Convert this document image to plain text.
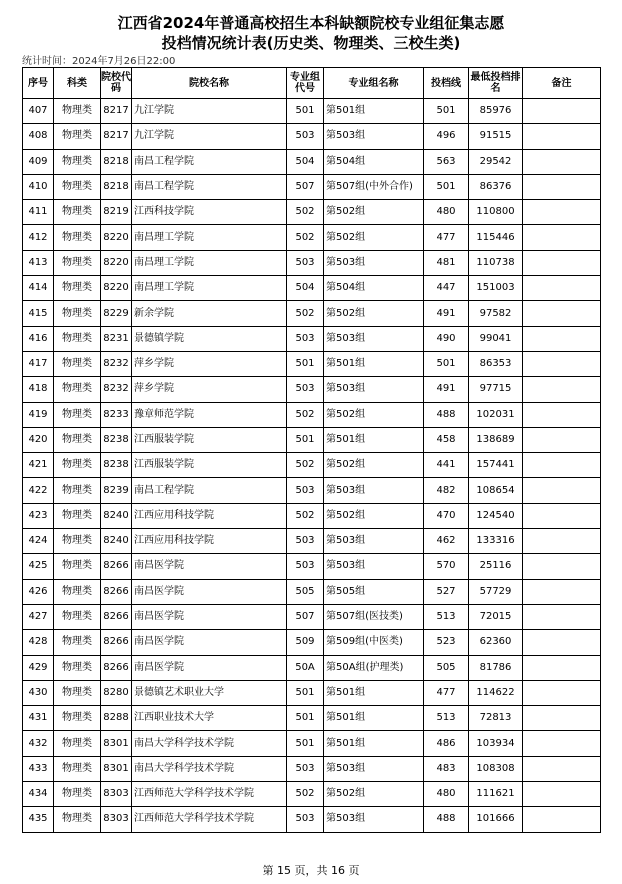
江西省2024年普通高校招生本科缺额院校专业组征集志愿
投档情况统计表(历史类、物理类、三校生类)
统计时间：2024年7月26日22:00
序号	科类	院校代码	院校名称	专业组代号	专业组名称	投档线	最低投档排名	备注
407	物理类	8217	九江学院	501	第501组	501	85976	
408	物理类	8217	九江学院	503	第503组	496	91515	
409	物理类	8218	南昌工程学院	504	第504组	563	29542	
410	物理类	8218	南昌工程学院	507	第507组(中外合作)	501	86376	
411	物理类	8219	江西科技学院	502	第502组	480	110800	
412	物理类	8220	南昌理工学院	502	第502组	477	115446	
413	物理类	8220	南昌理工学院	503	第503组	481	110738	
414	物理类	8220	南昌理工学院	504	第504组	447	151003	
415	物理类	8229	新余学院	502	第502组	491	97582	
416	物理类	8231	景德镇学院	503	第503组	490	99041	
417	物理类	8232	萍乡学院	501	第501组	501	86353	
418	物理类	8232	萍乡学院	503	第503组	491	97715	
419	物理类	8233	豫章师范学院	502	第502组	488	102031	
420	物理类	8238	江西服装学院	501	第501组	458	138689	
421	物理类	8238	江西服装学院	502	第502组	441	157441	
422	物理类	8239	南昌工程学院	503	第503组	482	108654	
423	物理类	8240	江西应用科技学院	502	第502组	470	124540	
424	物理类	8240	江西应用科技学院	503	第503组	462	133316	
425	物理类	8266	南昌医学院	503	第503组	570	25116	
426	物理类	8266	南昌医学院	505	第505组	527	57729	
427	物理类	8266	南昌医学院	507	第507组(医技类)	513	72015	
428	物理类	8266	南昌医学院	509	第509组(中医类)	523	62360	
429	物理类	8266	南昌医学院	50A	第50A组(护理类)	505	81786	
430	物理类	8280	景德镇艺术职业大学	501	第501组	477	114622	
431	物理类	8288	江西职业技术大学	501	第501组	513	72813	
432	物理类	8301	南昌大学科学技术学院	501	第501组	486	103934	
433	物理类	8301	南昌大学科学技术学院	503	第503组	483	108308	
434	物理类	8303	江西师范大学科学技术学院	502	第502组	480	111621	
435	物理类	8303	江西师范大学科学技术学院	503	第503组	488	101666	
第 15 页，共 16 页
